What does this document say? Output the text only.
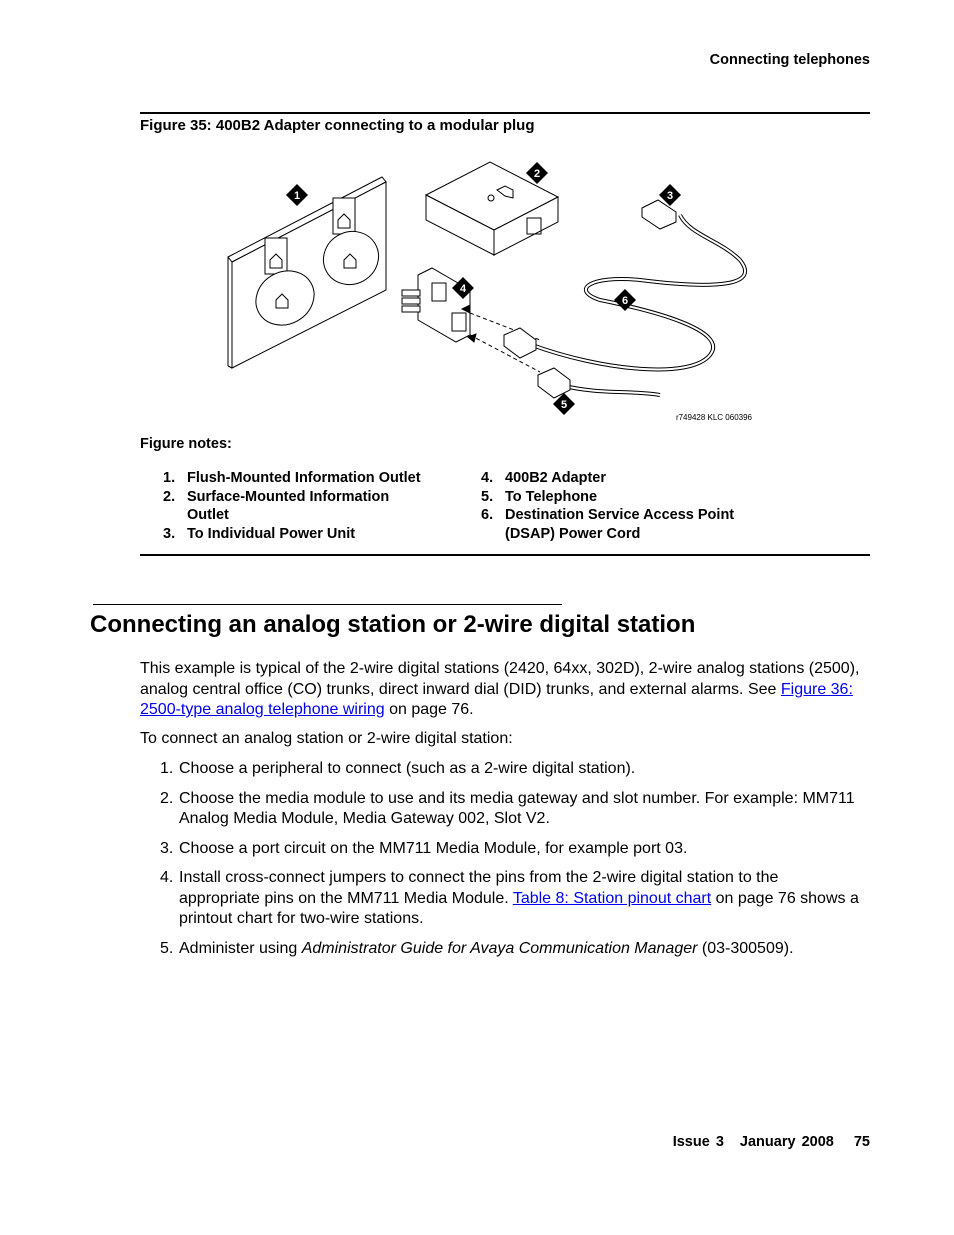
Connecting telephones
Figure 35: 400B2 Adapter connecting to a modular plug
1
2
3
4
5
6
r749428 KLC 060396
Figure notes:
1. Flush-Mounted Information Outlet
2. Surface-Mounted Information Outlet
3. To Individual Power Unit
4. 400B2 Adapter
5. To Telephone
6. Destination Service Access Point (DSAP) Power Cord
Connecting an analog station or 2-wire digital station
This example is typical of the 2-wire digital stations (2420, 64xx, 302D), 2-wire analog stations (2500), analog central office (CO) trunks, direct inward dial (DID) trunks, and external alarms. See Figure 36: 2500-type analog telephone wiring on page 76.
To connect an analog station or 2-wire digital station:
1. Choose a peripheral to connect (such as a 2-wire digital station).
2. Choose the media module to use and its media gateway and slot number. For example: MM711 Analog Media Module, Media Gateway 002, Slot V2.
3. Choose a port circuit on the MM711 Media Module, for example port 03.
4. Install cross-connect jumpers to connect the pins from the 2-wire digital station to the appropriate pins on the MM711 Media Module. Table 8: Station pinout chart on page 76 shows a printout chart for two-wire stations.
5. Administer using Administrator Guide for Avaya Communication Manager (03-300509).
Issue 3 January 2008 75
